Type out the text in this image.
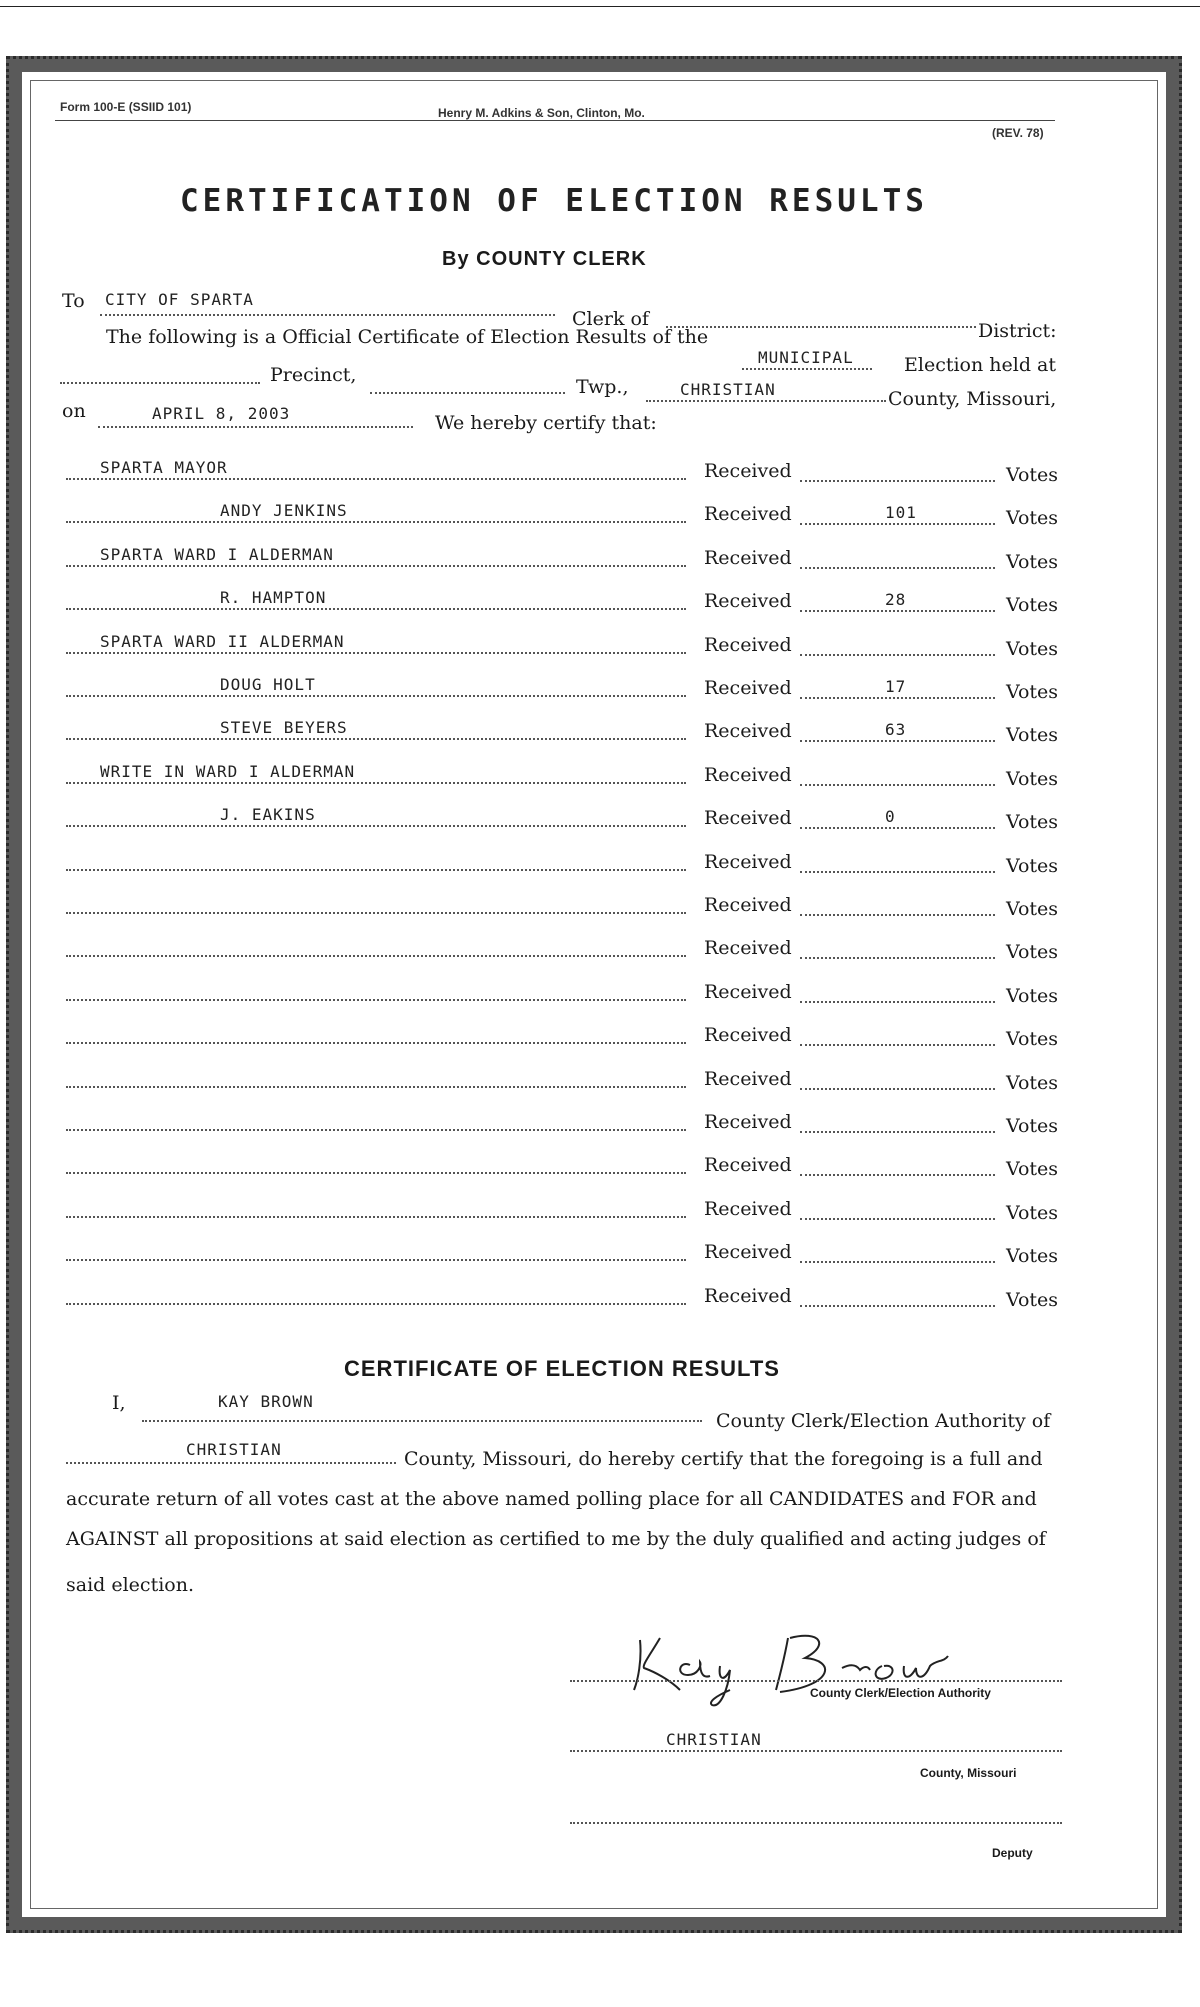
Form 100-E (SSIID 101)	Henry M. Adkins & Son, Clinton, Mo.
(REV. 78)
CERTIFICATION OF ELECTION RESULTS
By COUNTY CLERK
To CITY OF SPARTA
Clerk of
District:
The following is a Official Certificate of Election Results of the
MUNICIPAL	Election held at
Precinct,
Twp.,	CHRISTIAN	County, Missouri,
on	APRIL 8, 2003	We hereby certify that:
SPARTA MAYOR	Received	Votes
ANDY JENKINS	Received	101	Votes
SPARTA WARD I ALDERMAN	Received	Votes
R. HAMPTON	Received	28	Votes
SPARTA WARD II ALDERMAN	Received	Votes
DOUG HOLT	Received	17	Votes
STEVE BEYERS	Received	63	Votes
WRITE IN WARD I ALDERMAN	Received	Votes
J. EAKINS	Received	0	Votes
Received	Votes
Received	Votes
Received	Votes
Received	Votes
Received	Votes
Received	Votes
Received	Votes
Received	Votes
Received	Votes
Received	Votes
Received	Votes
CERTIFICATE OF ELECTION RESULTS
I,	KAY BROWN
County Clerk/Election Authority of
CHRISTIAN	County, Missouri, do hereby certify that the foregoing is a full and
accurate return of all votes cast at the above named polling place for all CANDIDATES and FOR and
AGAINST all propositions at said election as certified to me by the duly qualified and acting judges of
said election.
County Clerk/Election Authority
CHRISTIAN
County, Missouri
Deputy
